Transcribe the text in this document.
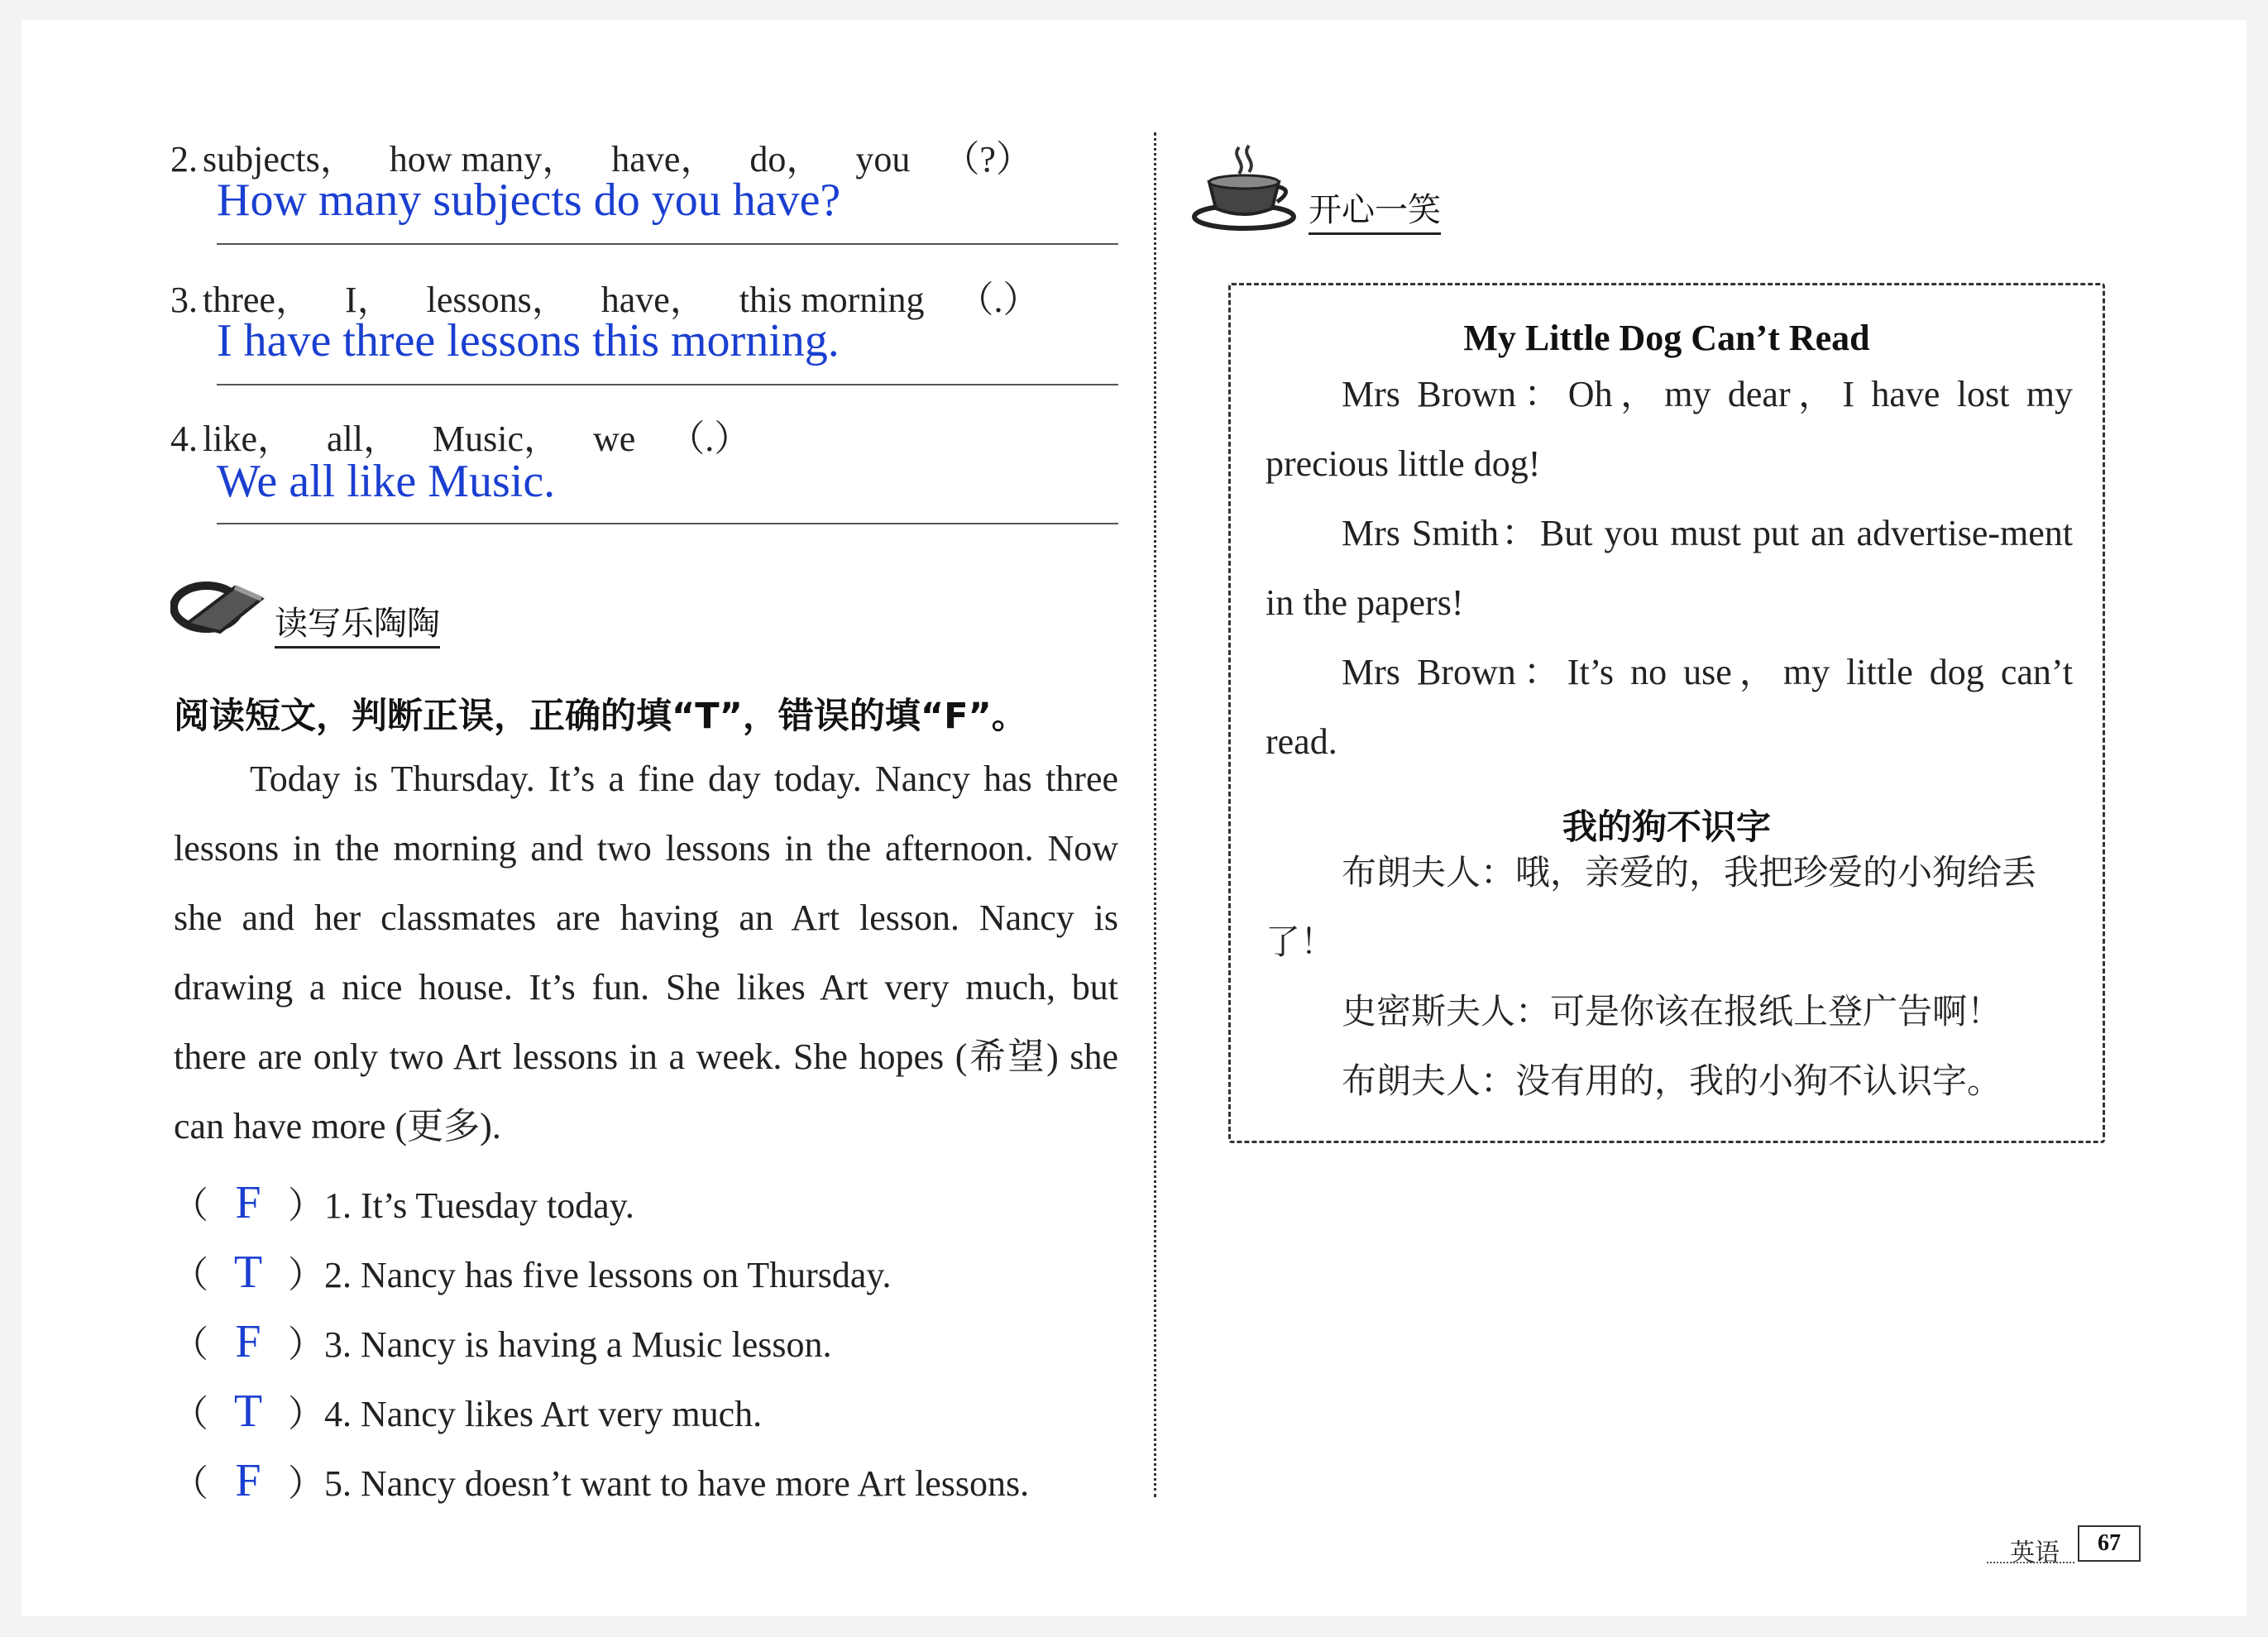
2. subjects， how many， have， do， you （?）
How many subjects do you have?
3. three， I， lessons， have， this morning （.）
I have three lessons this morning.
4. like， all， Music， we （.）
We all like Music.
读写乐陶陶
阅读短文，判断正误，正确的填“T”，错误的填“F”。

Today is Thursday. It’s a fine day today. Nancy has three lessons in the morning and two lessons in the afternoon. Now she and her classmates are having an Art lesson. Nancy is drawing a nice house. It’s fun. She likes Art very much, but there are only two Art lessons in a week. She hopes (希望) she can have more (更多).

（ F ）1. It’s Tuesday today.
（ T ）2. Nancy has five lessons on Thursday.
（ F ）3. Nancy is having a Music lesson.
（ T ）4. Nancy likes Art very much.
（ F ）5. Nancy doesn’t want to have more Art lessons.
开心一笑
My Little Dog Can’t Read

Mrs Brown：Oh，my dear，I have lost my precious little dog!

Mrs Smith：But you must put an advertise-ment in the papers!

Mrs Brown：It’s no use，my little dog can’t read.

我的狗不识字

布朗夫人：哦，亲爱的，我把珍爱的小狗给丢了！

史密斯夫人：可是你该在报纸上登广告啊！

布朗夫人：没有用的，我的小狗不认识字。

英语	67
